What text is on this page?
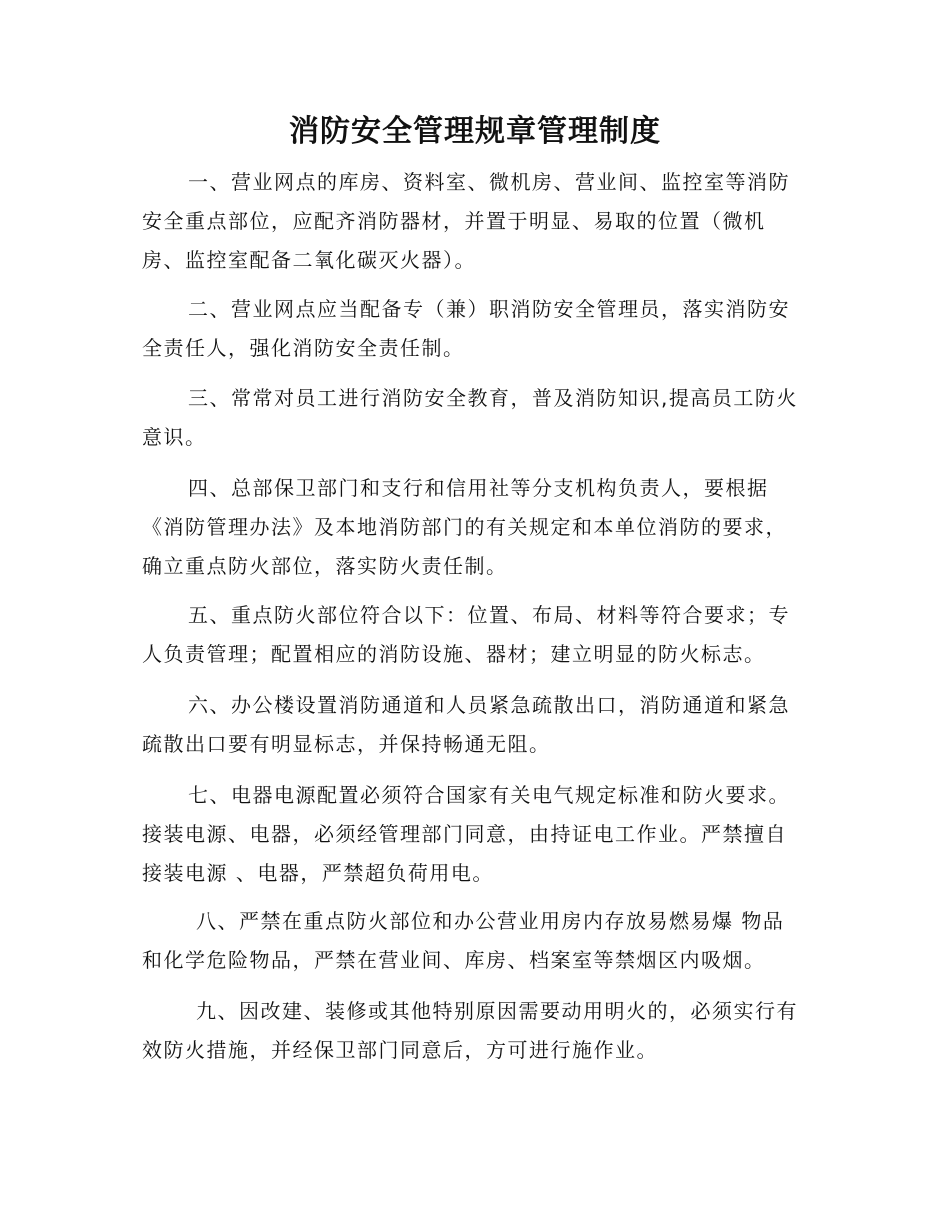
消防安全管理规章管理制度
一、营业网点的库房、资料室、微机房、营业间、监控室等消防
安全重点部位，应配齐消防器材，并置于明显、易取的位置（微机
房、监控室配备二氧化碳灭火器）。
二、营业网点应当配备专（兼）职消防安全管理员，落实消防安
全责任人，强化消防安全责任制。
三、常常对员工进行消防安全教育，普及消防知识,提高员工防火
意识。
四、总部保卫部门和支行和信用社等分支机构负责人，要根据
《消防管理办法》及本地消防部门的有关规定和本单位消防的要求，
确立重点防火部位，落实防火责任制。
五、重点防火部位符合以下：位置、布局、材料等符合要求；专
人负责管理；配置相应的消防设施、器材；建立明显的防火标志。
六、办公楼设置消防通道和人员紧急疏散出口，消防通道和紧急
疏散出口要有明显标志，并保持畅通无阻。
七、电器电源配置必须符合国家有关电气规定标准和防火要求。
接装电源、电器，必须经管理部门同意，由持证电工作业。严禁擅自
接装电源 、电器，严禁超负荷用电。
八、严禁在重点防火部位和办公营业用房内存放易燃易爆 物品
和化学危险物品，严禁在营业间、库房、档案室等禁烟区内吸烟。
九、因改建、装修或其他特别原因需要动用明火的，必须实行有
效防火措施，并经保卫部门同意后，方可进行施作业。
